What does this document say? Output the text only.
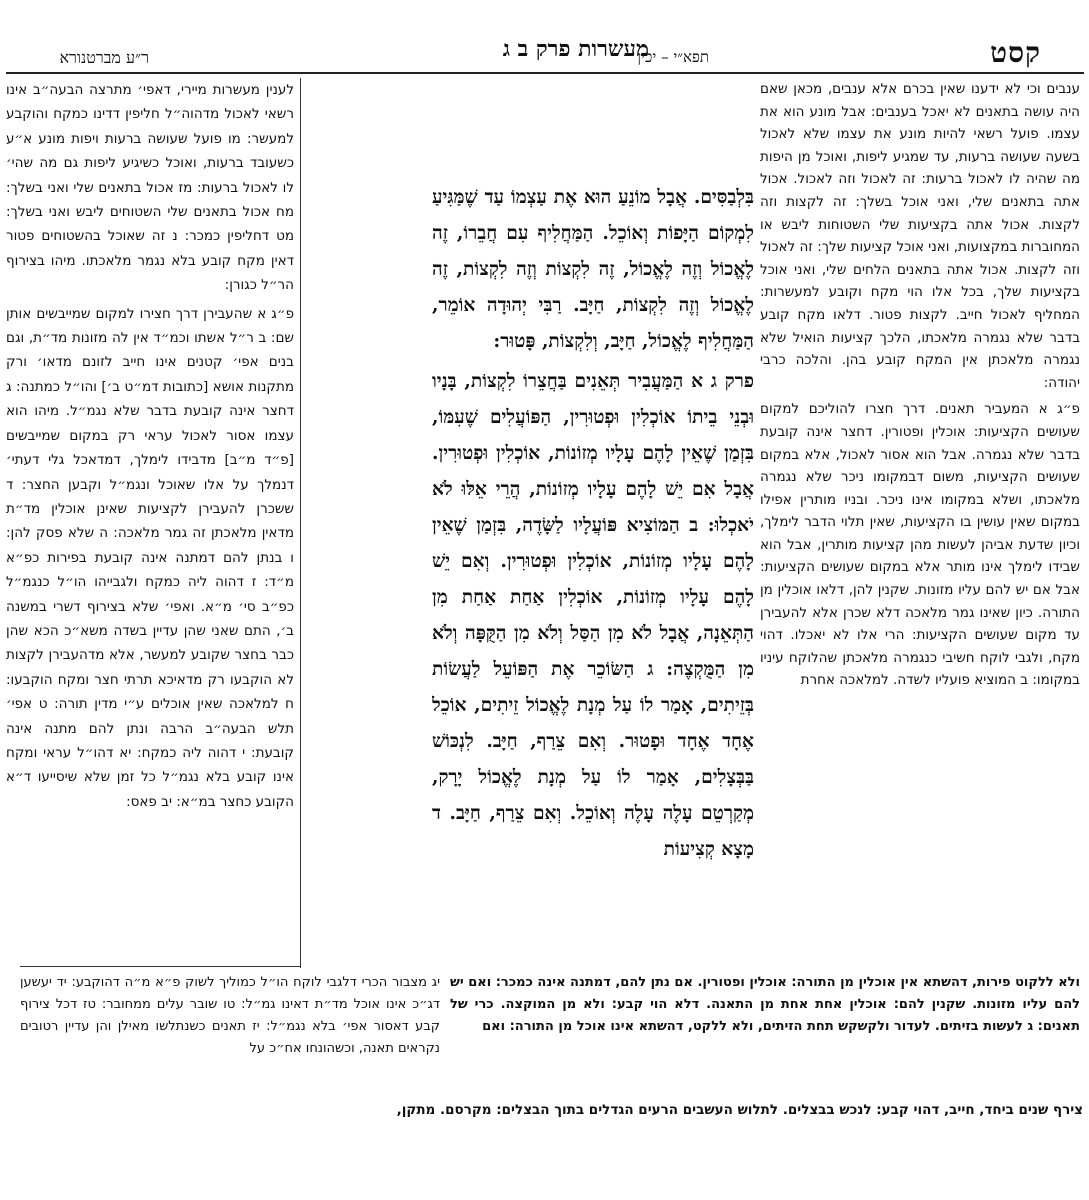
קסט
תפא״י – יכין
מעשרות פרק ב ג
ר״ע מברטנורא

לענין מעשרות מיירי, דאפי׳ מתרצה הבעה״ב אינו רשאי לאכול מדהוה״ל חליפין דדינו כמקח והוקבע למעשר: מו פועל שעושה ברעות ויפות מונע א״ע כשעובד ברעות, ואוכל כשיגיע ליפות גם מה שהי׳ לו לאכול ברעות: מז אכול בתאנים שלי ואני בשלך: מח אכול בתאנים שלי השטוחים ליבש ואני בשלך: מט דחליפין כמכר: נ זה שאוכל בהשטוחים פטור דאין מקח קובע בלא נגמר מלאכתו. מיהו בצירוף הר״ל כגורן:

פ״ג א שהעבירן דרך חצירו למקום שמייבשים אותן שם: ב ר״ל אשתו וכמ״ד אין לה מזונות מד״ת, וגם בנים אפי׳ קטנים אינו חייב לזונם מדאו׳ ורק מתקנות אושא [כתובות דמ״ט ב׳] והו״ל כמתנה: ג דחצר אינה קובעת בדבר שלא נגמ״ל. מיהו הוא עצמו אסור לאכול עראי רק במקום שמייבשים [פ״ד מ״ב] מדבידו לימלך, דמדאכל גלי דעתי׳ דנמלך על אלו שאוכל ונגמ״ל וקבען החצר: ד ששכרן להעבירן לקציעות שאינן אוכלין מד״ת מדאין מלאכתן זה גמר מלאכה: ה שלא פסק להן: ו בנתן להם דמתנה אינה קובעת בפירות כפ״א מ״ד: ז דהוה ליה כמקח ולגבייהו הו״ל כנגמ״ל כפ״ב סי׳ מ״א. ואפי׳ שלא בצירוף דשרי במשנה ב׳, התם שאני שהן עדיין בשדה משא״כ הכא שהן כבר בחצר שקובע למעשר, אלא מדהעבירן לקצות לא הוקבעו רק מדאיכא תרתי חצר ומקח הוקבעו: ח למלאכה שאין אוכלים ע״י מדין תורה: ט אפי׳ תלש הבעה״ב הרבה ונתן להם מתנה אינה קובעת: י דהוה ליה כמקח: יא דהו״ל עראי ומקח אינו קובע בלא נגמ״ל כל זמן שלא שיסייעו ד״א הקובע כחצר במ״א: יב פאס:

בִּלְבַסִּים. אֲבָל מוֹנֵעַ הוּא אֶת עַצְמוֹ עַד שֶׁמַּגִּיעַ לִמְקוֹם הַיָּפוֹת וְאוֹכֵל. הַמַּחֲלִיף עִם חֲבֵרוֹ, זֶה לֶאֱכוֹל וְזֶה לֶאֱכוֹל, זֶה לִקְצוֹת וְזֶה לִקְצוֹת, זֶה לֶאֱכוֹל וְזֶה לִקְצוֹת, חַיָּב. רַבִּי יְהוּדָה אוֹמֵר, הַמַּחֲלִיף לֶאֱכוֹל, חַיָּב, וְלִקְצוֹת, פָּטוּר:

פרק ג א הַמַּעֲבִיר תְּאֵנִים בַּחֲצֵרוֹ לִקְצוֹת, בָּנָיו וּבְנֵי בֵיתוֹ אוֹכְלִין וּפְטוּרִין, הַפּוֹעֲלִים שֶׁעִמּוֹ, בִּזְמַן שֶׁאֵין לָהֶם עָלָיו מְזוֹנוֹת, אוֹכְלִין וּפְטוּרִין. אֲבָל אִם יֵשׁ לָהֶם עָלָיו מְזוֹנוֹת, הֲרֵי אֵלּוּ לֹא יֹאכְלוּ: ב הַמּוֹצִיא פּוֹעֲלָיו לַשָּׂדֶה, בִּזְמַן שֶׁאֵין לָהֶם עָלָיו מְזוֹנוֹת, אוֹכְלִין וּפְטוּרִין. וְאִם יֵשׁ לָהֶם עָלָיו מְזוֹנוֹת, אוֹכְלִין אַחַת אַחַת מִן הַתְּאֵנָה, אֲבָל לֹא מִן הַסַּל וְלֹא מִן הַקֻּפָּה וְלֹא מִן הַמֻּקְצֶה: ג הַשּׂוֹכֵר אֶת הַפּוֹעֵל לַעֲשׂוֹת בְּזֵיתִים, אָמַר לוֹ עַל מְנָת לֶאֱכוֹל זֵיתִים, אוֹכֵל אֶחָד אֶחָד וּפָטוּר. וְאִם צֵרַף, חַיָּב. לִנְכּוֹשׁ בַּבְּצָלִים, אָמַר לוֹ עַל מְנָת לֶאֱכוֹל יָרָק, מְקַרְטֵם עָלֶה עָלֶה וְאוֹכֵל. וְאִם צֵרַף, חַיָּב. ד מָצָא קְצִיעוֹת

ענבים וכי לא ידענו שאין בכרם אלא ענבים, מכאן שאם היה עושה בתאנים לא יאכל בענבים: אבל מונע הוא את עצמו. פועל רשאי להיות מונע את עצמו שלא לאכול בשעה שעושה ברעות, עד שמגיע ליפות, ואוכל מן היפות מה שהיה לו לאכול ברעות: זה לאכול וזה לאכול. אכול אתה בתאנים שלי, ואני אוכל בשלך: זה לקצות וזה לקצות. אכול אתה בקציעות שלי השטוחות ליבש או המחוברות במקצועות, ואני אוכל קציעות שלך: זה לאכול וזה לקצות. אכול אתה בתאנים הלחים שלי, ואני אוכל בקציעות שלך, בכל אלו הוי מקח וקובע למעשרות: המחליף לאכול חייב. לקצות פטור. דלאו מקח קובע בדבר שלא נגמרה מלאכתו, הלכך קציעות הואיל שלא נגמרה מלאכתן אין המקח קובע בהן. והלכה כרבי יהודה:

פ״ג א המעביר תאנים. דרך חצרו להוליכם למקום שעושים הקציעות: אוכלין ופטורין. דחצר אינה קובעת בדבר שלא נגמרה. אבל הוא אסור לאכול, אלא במקום שעושים הקציעות, משום דבמקומו ניכר שלא נגמרה מלאכתו, ושלא במקומו אינו ניכר. ובניו מותרין אפילו במקום שאין עושין בו הקציעות, שאין תלוי הדבר לימלך, וכיון שדעת אביהן לעשות מהן קציעות מותרין, אבל הוא שבידו לימלך אינו מותר אלא במקום שעושים הקציעות: אבל אם יש להם עליו מזונות. שקנין להן, דלאו אוכלין מן התורה. כיון שאינו גמר מלאכה דלא שכרן אלא להעבירן עד מקום שעושים הקציעות: הרי אלו לא יאכלו. דהוי מקח, ולגבי לוקח חשיבי כנגמרה מלאכתן שהלוקח עיניו במקומו: ב המוציא פועליו לשדה. למלאכה אחרת

יג מצבור הכרי דלגבי לוקח הו״ל כמוליך לשוק פ״א מ״ה דהוקבע: יד יעשען דג״כ אינו אוכל מד״ת דאינו גמ״ל: טו שובר עלים ממחובר: טז דכל צירוף קבע דאסור אפי׳ בלא נגמ״ל: יז תאנים כשנתלשו מאילן והן עדיין רטובים נקראים תאנה, וכשהונחו אח״כ על
ולא ללקוט פירות, דהשתא אין אוכלין מן התורה: אוכלין ופטורין. אם נתן להם, דמתנה אינה כמכר: ואם יש להם עליו מזונות. שקנין להם: אוכלין אחת אחת מן התאנה. דלא הוי קבע: ולא מן המוקצה. כרי של תאנים: ג לעשות בזיתים. לעדור ולקשקש תחת הזיתים, ולא ללקט, דהשתא אינו אוכל מן התורה: ואם
צירף שנים ביחד, חייב, דהוי קבע: לנכש בבצלים. לתלוש העשבים הרעים הגדלים בתוך הבצלים: מקרסם. מתקן,
